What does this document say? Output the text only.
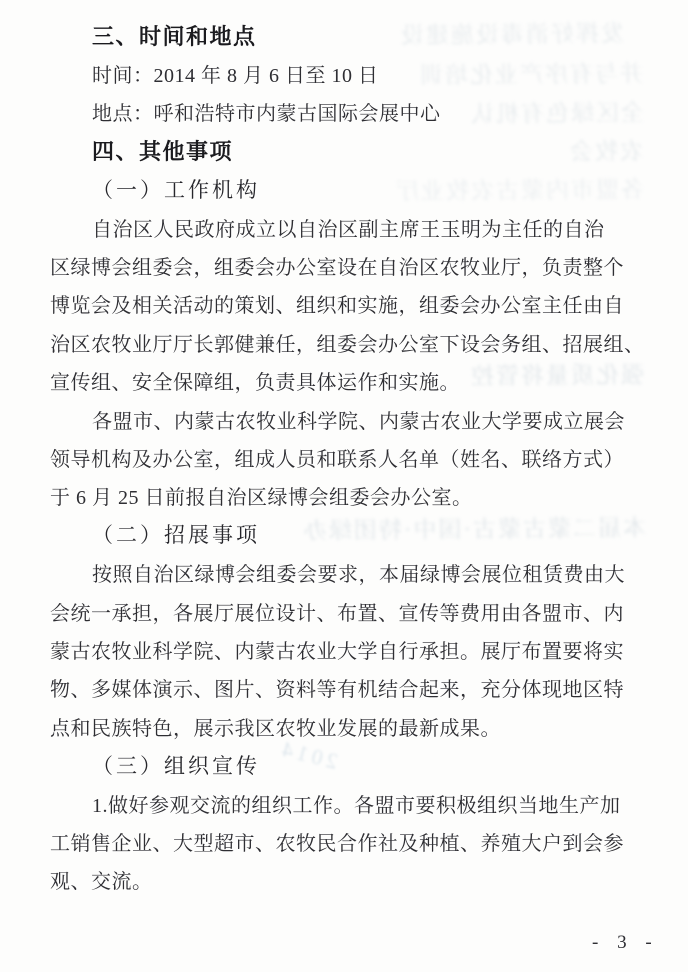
发挥好消毒设施建设
并与有序产业化培训
全区绿色有机认
农牧会
各盟市内蒙古农牧业厅
强化质量将管控
本届二蒙古蒙古·国中·特团绿办
2014
三、时间和地点
时间：2014 年 8 月 6 日至 10 日
地点：呼和浩特市内蒙古国际会展中心
四、其他事项
（一）工作机构
自治区人民政府成立以自治区副主席王玉明为主任的自治
区绿博会组委会，组委会办公室设在自治区农牧业厅，负责整个
博览会及相关活动的策划、组织和实施，组委会办公室主任由自
治区农牧业厅厅长郭健兼任，组委会办公室下设会务组、招展组、
宣传组、安全保障组，负责具体运作和实施。
各盟市、内蒙古农牧业科学院、内蒙古农业大学要成立展会
领导机构及办公室，组成人员和联系人名单（姓名、联络方式）
于 6 月 25 日前报自治区绿博会组委会办公室。
（二）招展事项
按照自治区绿博会组委会要求，本届绿博会展位租赁费由大
会统一承担，各展厅展位设计、布置、宣传等费用由各盟市、内
蒙古农牧业科学院、内蒙古农业大学自行承担。展厅布置要将实
物、多媒体演示、图片、资料等有机结合起来，充分体现地区特
点和民族特色，展示我区农牧业发展的最新成果。
（三）组织宣传
1.做好参观交流的组织工作。各盟市要积极组织当地生产加
工销售企业、大型超市、农牧民合作社及种植、养殖大户到会参
观、交流。
- 3 -
